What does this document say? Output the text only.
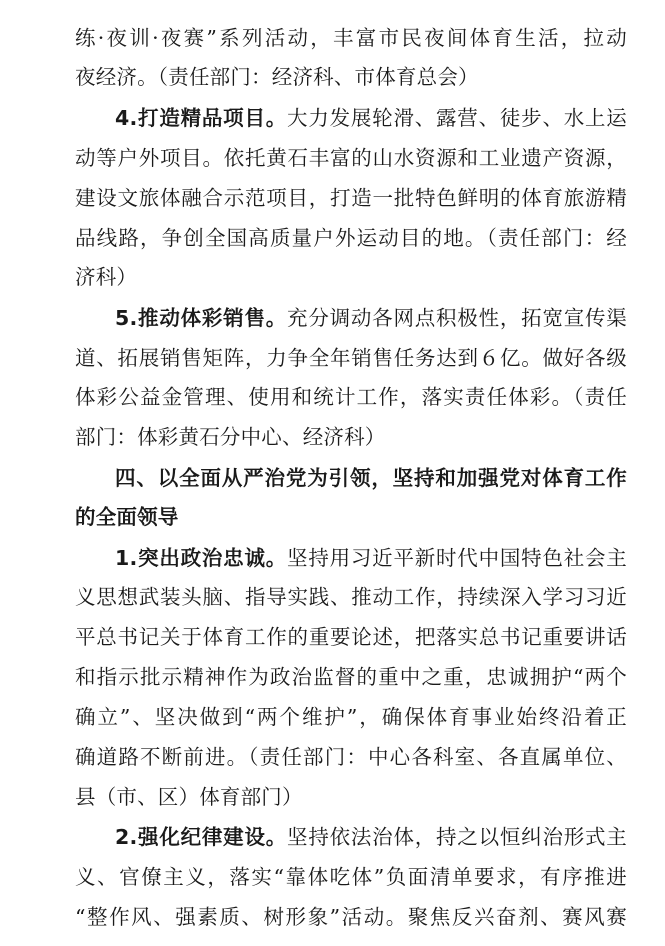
练·夜训·夜赛”系列活动，丰富市民夜间体育生活，拉动
夜经济。（责任部门：经济科、市体育总会）
4.打造精品项目。大力发展轮滑、露营、徒步、水上运
动等户外项目。依托黄石丰富的山水资源和工业遗产资源，
建设文旅体融合示范项目，打造一批特色鲜明的体育旅游精
品线路，争创全国高质量户外运动目的地。（责任部门：经
济科）
5.推动体彩销售。充分调动各网点积极性，拓宽宣传渠
道、拓展销售矩阵，力争全年销售任务达到６亿。做好各级
体彩公益金管理、使用和统计工作，落实责任体彩。（责任
部门：体彩黄石分中心、经济科）
四、以全面从严治党为引领，坚持和加强党对体育工作
的全面领导
1.突出政治忠诚。坚持用习近平新时代中国特色社会主
义思想武装头脑、指导实践、推动工作，持续深入学习习近
平总书记关于体育工作的重要论述，把落实总书记重要讲话
和指示批示精神作为政治监督的重中之重，忠诚拥护“两个
确立”、坚决做到“两个维护”，确保体育事业始终沿着正
确道路不断前进。（责任部门：中心各科室、各直属单位、
县（市、区）体育部门）
2.强化纪律建设。坚持依法治体，持之以恒纠治形式主
义、官僚主义，落实“靠体吃体”负面清单要求，有序推进
“整作风、强素质、树形象”活动。聚焦反兴奋剂、赛风赛
